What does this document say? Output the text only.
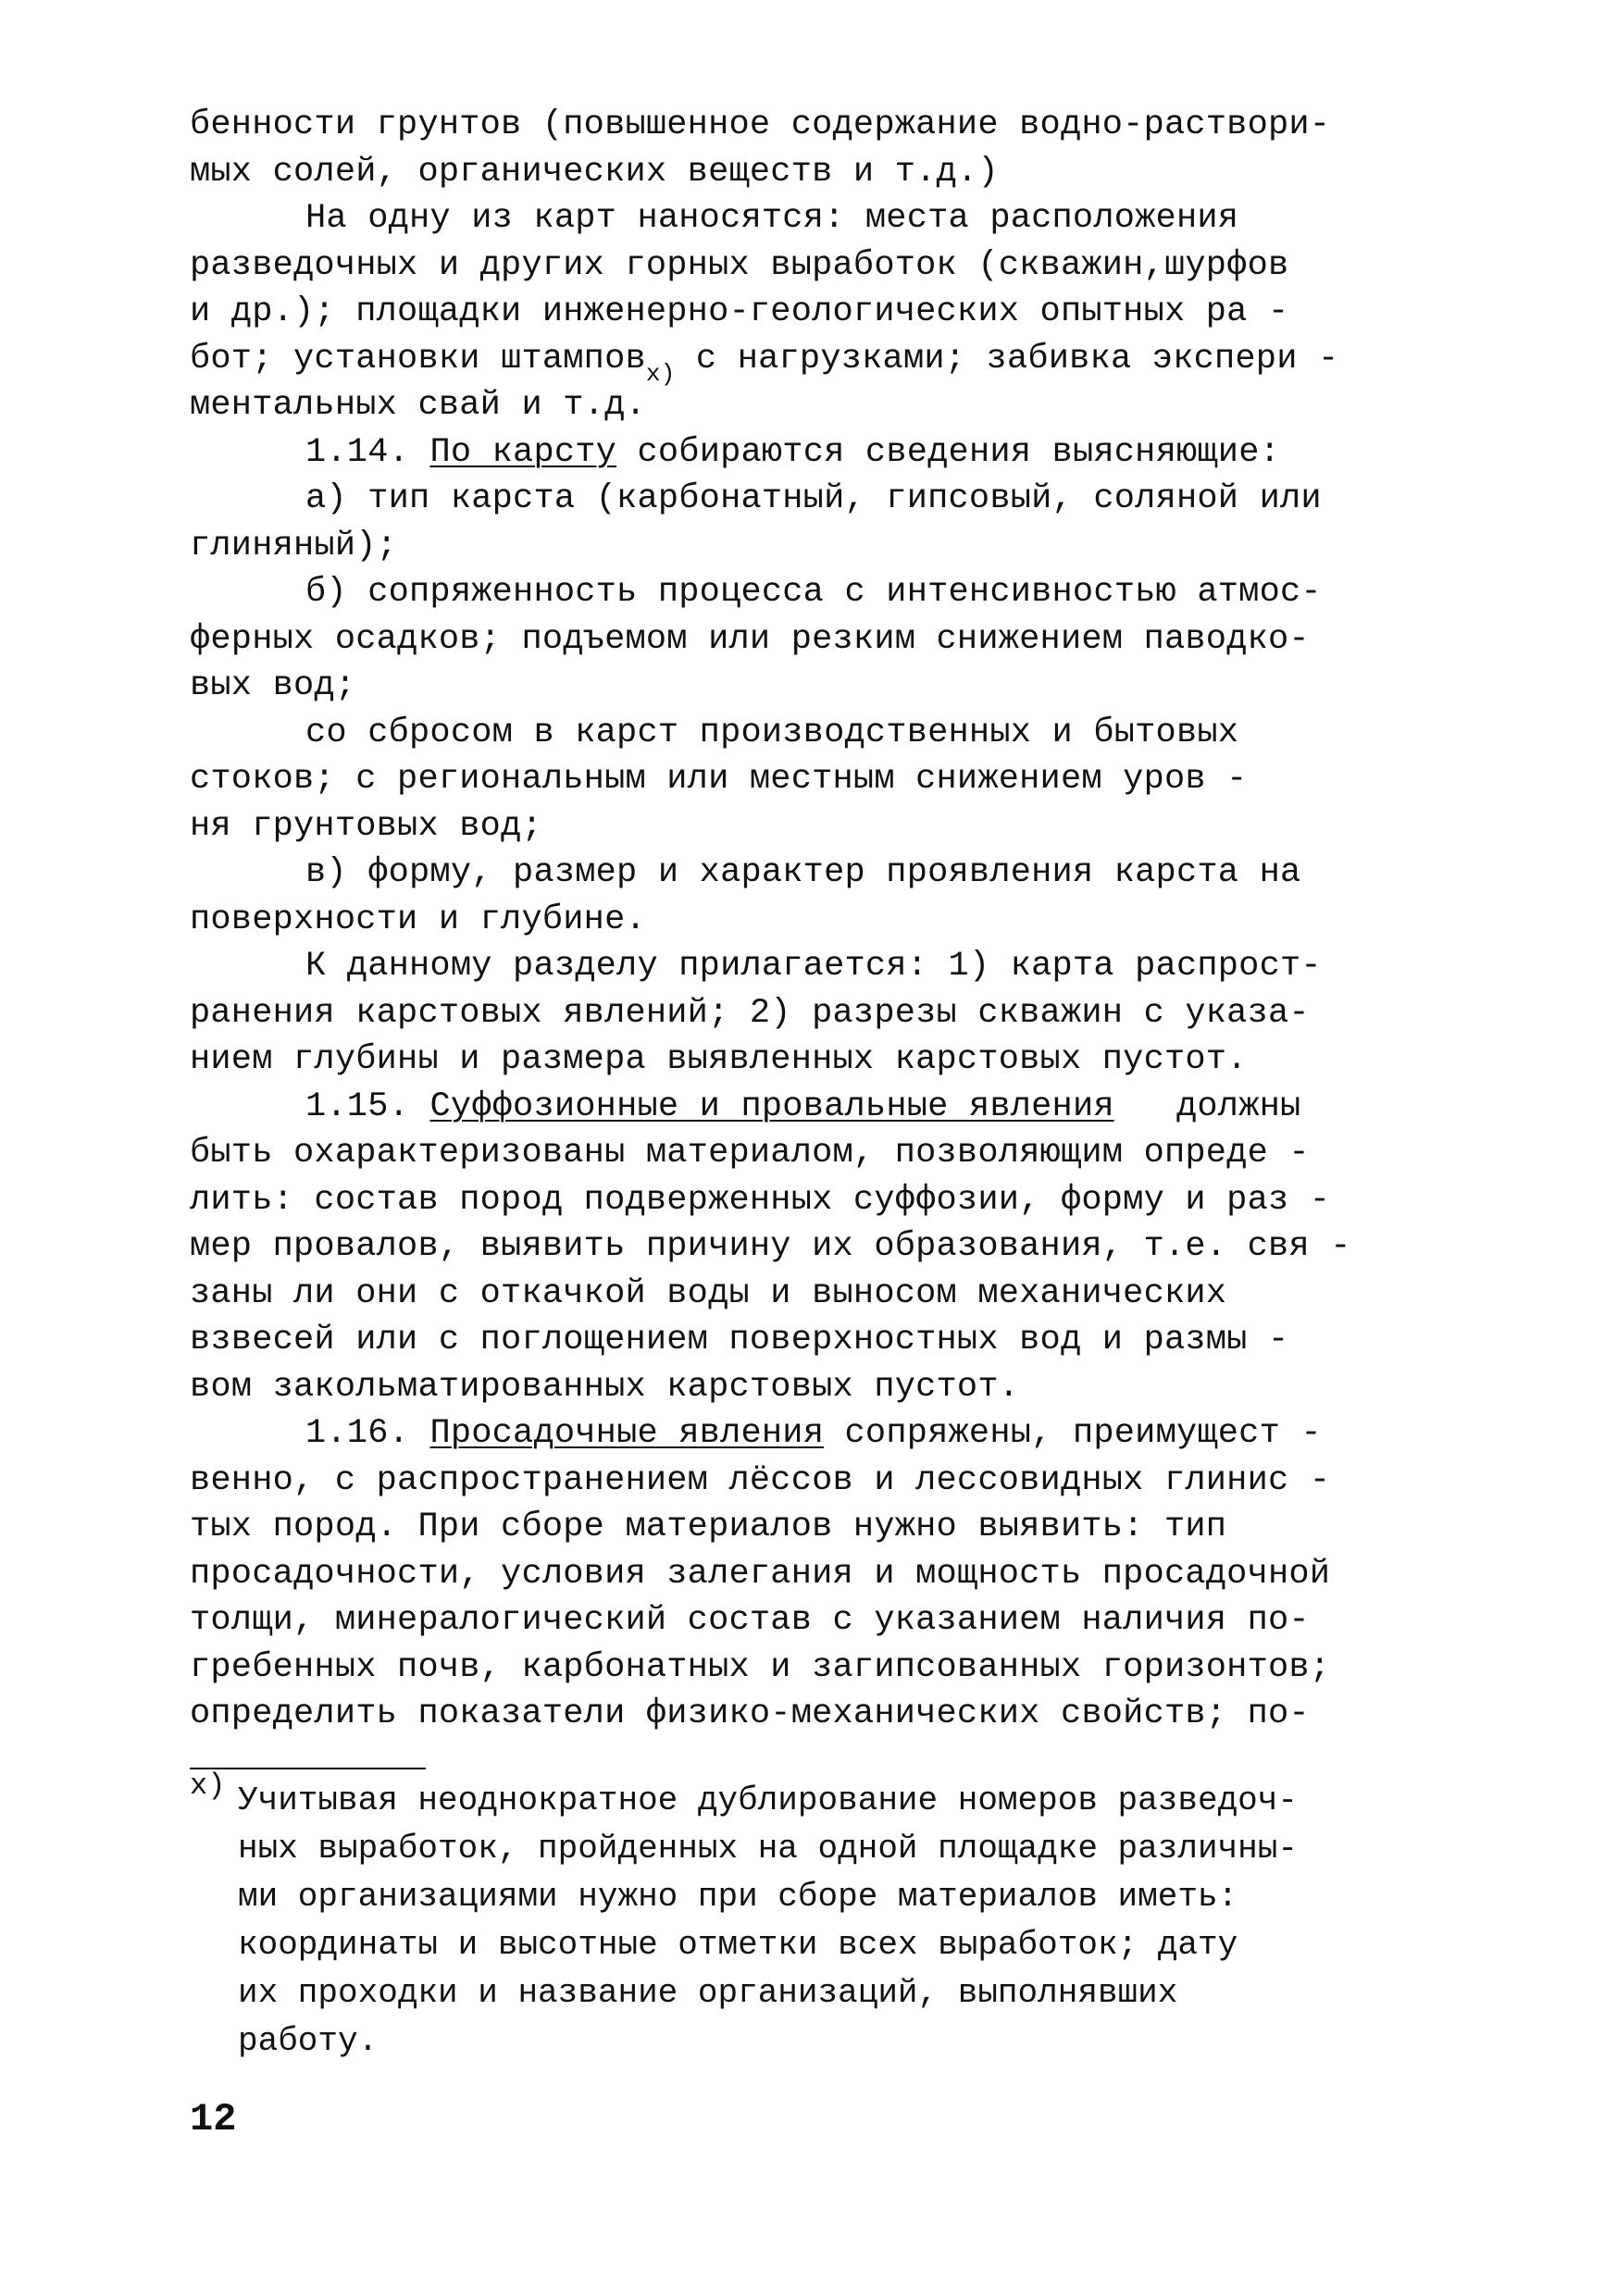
бенности грунтов (повышенное содержание водно-раствори-
мых солей, органических веществ и т.д.)
На одну из карт наносятся: места расположения
разведочных и других горных выработок (скважин,шурфов
и др.); площадки инженерно-геологических опытных ра -
бот; установки штампов$^{x)}$ с нагрузками; забивка экспери -
ментальных свай и т.д.
1.14. По карсту собираются сведения выясняющие:
а) тип карста (карбонатный, гипсовый, соляной или
глиняный);
б) сопряженность процесса с интенсивностью атмос-
ферных осадков; подъемом или резким снижением паводко-
вых вод;
со сбросом в карст производственных и бытовых
стоков; с региональным или местным снижением уров -
ня грунтовых вод;
в) форму, размер и характер проявления карста на
поверхности и глубине.
К данному разделу прилагается: 1) карта распрост-
ранения карстовых явлений; 2) разрезы скважин с указа-
нием глубины и размера выявленных карстовых пустот.
1.15. Суффозионные и провальные явления должны
быть охарактеризованы материалом, позволяющим опреде -
лить: состав пород подверженных суффозии, форму и раз -
мер провалов, выявить причину их образования, т.е. свя -
заны ли они с откачкой воды и выносом механических
взвесей или с поглощением поверхностных вод и размы -
вом закольматированных карстовых пустот.
1.16. Просадочные явления сопряжены, преимущест -
венно, с распространением лёссов и лессовидных глинис -
тых пород. При сборе материалов нужно выявить: тип
просадочности, условия залегания и мощность просадочной
толщи, минералогический состав с указанием наличия по-
гребенных почв, карбонатных и загипсованных горизонтов;
определить показатели физико-механических свойств; по-
x) Учитывая неоднократное дублирование номеров разведоч-
ных выработок, пройденных на одной площадке различны-
ми организациями нужно при сборе материалов иметь:
координаты и высотные отметки всех выработок; дату
их проходки и название организаций, выполнявших
работу.
12
